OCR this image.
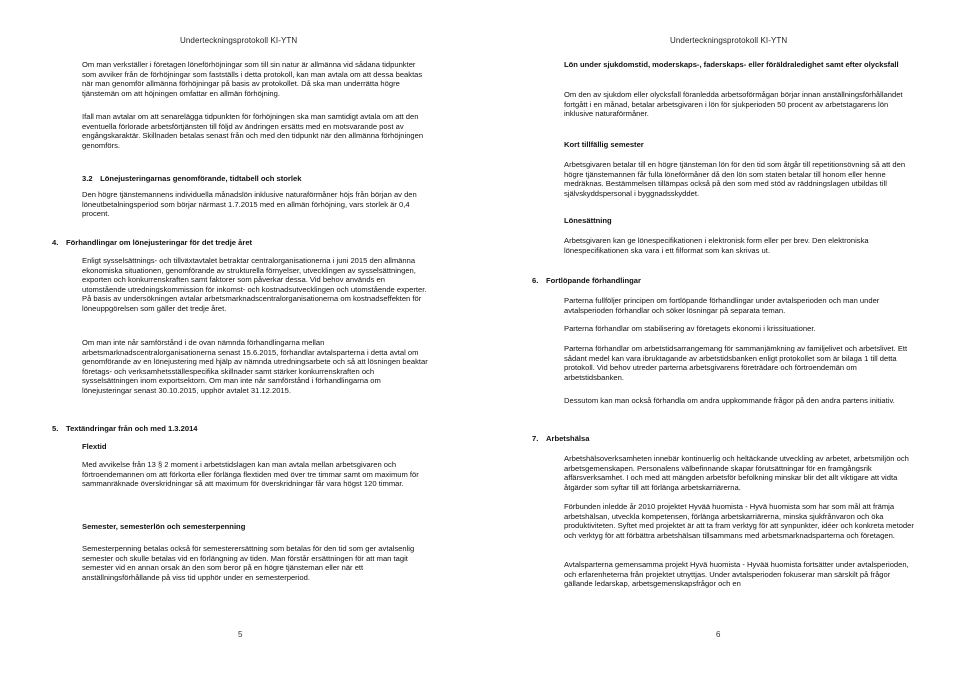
Underteckningsprotokoll KI-YTN

Om man verkställer i företagen löneförhöjningar som till sin natur är allmänna vid sådana tidpunkter som avviker från de förhöjningar som fastställs i detta protokoll, kan man avtala om att dessa beaktas när man genomför allmänna förhöjningar på basis av protokollet. Då ska man underrätta högre tjänstemän om att höjningen omfattar en allmän förhöjning.

Ifall man avtalar om att senarelägga tidpunkten för förhöjningen ska man samtidigt avtala om att den eventuella förlorade arbetsförtjänsten till följd av ändringen ersätts med en motsvarande post av engångskaraktär. Skillnaden betalas senast från och med den tidpunkt när den allmänna förhöjningen genomförs.

3.2 Lönejusteringarnas genomförande, tidtabell och storlek

Den högre tjänstemannens individuella månadslön inklusive naturaförmåner höjs från början av den löneutbetalningsperiod som börjar närmast 1.7.2015 med en allmän förhöjning, vars storlek är 0,4 procent.

4. Förhandlingar om lönejusteringar för det tredje året

Enligt sysselsättnings- och tillväxtavtalet betraktar centralorganisationerna i juni 2015 den allmänna ekonomiska situationen, genomförande av strukturella förnyelser, utvecklingen av sysselsättningen, exporten och konkurrenskraften samt faktorer som påverkar dessa. Vid behov används en utomstående utredningskommission för inkomst- och kostnadsutvecklingen och utomstående experter. På basis av undersökningen avtalar arbetsmarknadscentralorganisationerna om kostnadseffekten för löneuppgörelsen som gäller det tredje året.

Om man inte når samförstånd i de ovan nämnda förhandlingarna mellan arbetsmarknadscentralorganisationerna senast 15.6.2015, förhandlar avtalsparterna i detta avtal om genomförande av en lönejustering med hjälp av nämnda utredningsarbete och så att lösningen beaktar företags- och verksamhetsställespecifika skillnader samt stärker konkurrenskraften och sysselsättningen inom exportsektorn. Om man inte når samförstånd i förhandlingarna om lönejusteringar senast 30.10.2015, upphör avtalet 31.12.2015.

5. Textändringar från och med 1.3.2014
Flextid

Med avvikelse från 13 § 2 moment i arbetstidslagen kan man avtala mellan arbetsgivaren och förtroendemannen om att förkorta eller förlänga flextiden med över tre timmar samt om maximum för sammanräknade överskridningar så att maximum för överskridningar får vara högst 120 timmar.

Semester, semesterlön och semesterpenning

Semesterpenning betalas också för semesterersättning som betalas för den tid som ger avtalsenlig semester och skulle betalas vid en förlängning av tiden. Man förstår ersättningen för att man tagit semester vid en annan orsak än den som beror på en högre tjänsteman eller när ett anställningsförhållande på viss tid upphör under en semesterperiod.

5
Underteckningsprotokoll KI-YTN
Lön under sjukdomstid, moderskaps-, faderskaps- eller föräldraledighet samt efter olycksfall

Om den av sjukdom eller olycksfall föranledda arbetsoförmågan börjar innan anställningsförhållandet fortgått i en månad, betalar arbetsgivaren i lön för sjukperioden 50 procent av arbetstagarens lön inklusive naturaförmåner.

Kort tillfällig semester

Arbetsgivaren betalar till en högre tjänsteman lön för den tid som åtgår till repetitionsövning så att den högre tjänstemannen får fulla löneförmåner då den lön som staten betalar till honom eller henne medräknas. Bestämmelsen tillämpas också på den som med stöd av räddningslagen utbildas till självskyddspersonal i byggnadsskyddet.

Lönesättning

Arbetsgivaren kan ge lönespecifikationen i elektronisk form eller per brev. Den elektroniska lönespecifikationen ska vara i ett filformat som kan skrivas ut.

6. Fortlöpande förhandlingar

Parterna fullföljer principen om fortlöpande förhandlingar under avtalsperioden och man under avtalsperioden förhandlar och söker lösningar på separata teman.

Parterna förhandlar om stabilisering av företagets ekonomi i krissituationer.

Parterna förhandlar om arbetstidsarrangemang för sammanjämkning av familjelivet och arbetslivet. Ett sådant medel kan vara ibruktagande av arbetstidsbanken enligt protokollet som är bilaga 1 till detta protokoll. Vid behov utreder parterna arbetsgivarens företrädare och förtroendemän om arbetstidsbanken.

Dessutom kan man också förhandla om andra uppkommande frågor på den andra partens initiativ.

7. Arbetshälsa

Arbetshälsoverksamheten innebär kontinuerlig och heltäckande utveckling av arbetet, arbetsmiljön och arbetsgemenskapen. Personalens välbefinnande skapar förutsättningar för en framgångsrik affärsverksamhet. I och med att mängden arbetsför befolkning minskar blir det allt viktigare att vidta åtgärder som syftar till att förlänga arbetskarriärerna.

Förbunden inledde år 2010 projektet Hyvää huomista - Hyvä huomista som har som mål att främja arbetshälsan, utveckla kompetensen, förlänga arbetskarriärerna, minska sjukfrånvaron och öka produktiviteten. Syftet med projektet är att ta fram verktyg för att synpunkter, idéer och konkreta metoder och verktyg för att förbättra arbetshälsan tillsammans med arbetsmarknadsparterna och företagen.

Avtalsparterna gemensamma projekt Hyvä huomista - Hyvää huomista fortsätter under avtalsperioden, och erfarenheterna från projektet utnyttjas. Under avtalsperioden fokuserar man särskilt på frågor gällande ledarskap, arbetsgemenskapsfrågor och en

6
